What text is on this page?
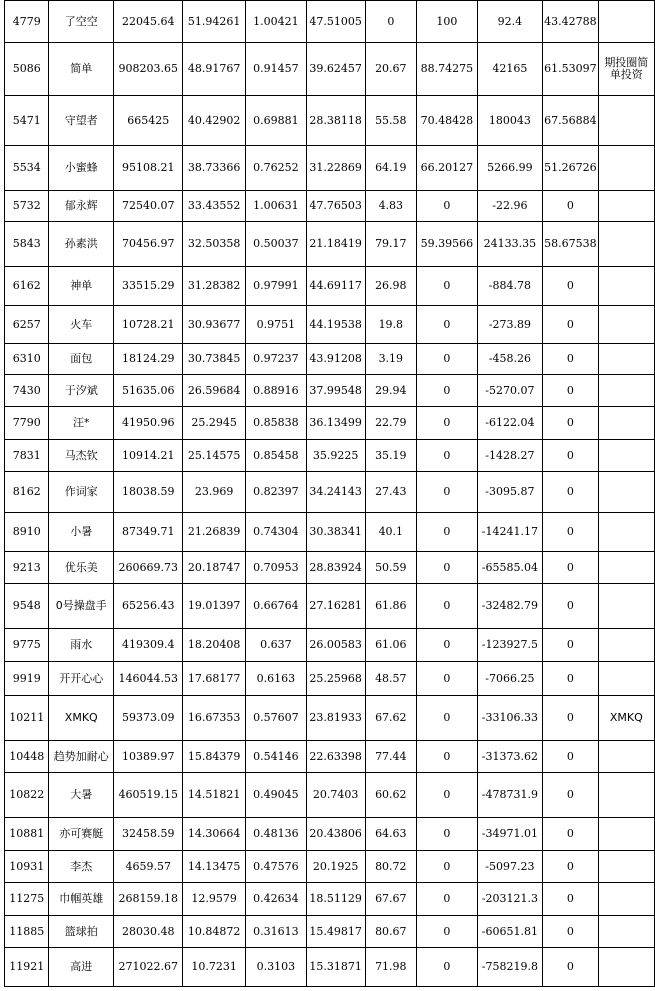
4779	了空空	22045.64	51.94261	1.00421	47.51005	0	100	92.4	43.42788	
5086	简单	908203.65	48.91767	0.91457	39.62457	20.67	88.74275	42165	61.53097	期投圈简单投资
5471	守望者	665425	40.42902	0.69881	28.38118	55.58	70.48428	180043	67.56884	
5534	小蜜蜂	95108.21	38.73366	0.76252	31.22869	64.19	66.20127	5266.99	51.26726	
5732	郁永辉	72540.07	33.43552	1.00631	47.76503	4.83	0	-22.96	0	
5843	孙素洪	70456.97	32.50358	0.50037	21.18419	79.17	59.39566	24133.35	58.67538	
6162	神单	33515.29	31.28382	0.97991	44.69117	26.98	0	-884.78	0	
6257	火车	10728.21	30.93677	0.9751	44.19538	19.8	0	-273.89	0	
6310	面包	18124.29	30.73845	0.97237	43.91208	3.19	0	-458.26	0	
7430	于汐斌	51635.06	26.59684	0.88916	37.99548	29.94	0	-5270.07	0	
7790	汪*	41950.96	25.2945	0.85838	36.13499	22.79	0	-6122.04	0	
7831	马杰钦	10914.21	25.14575	0.85458	35.9225	35.19	0	-1428.27	0	
8162	作词家	18038.59	23.969	0.82397	34.24143	27.43	0	-3095.87	0	
8910	小暑	87349.71	21.26839	0.74304	30.38341	40.1	0	-14241.17	0	
9213	优乐美	260669.73	20.18747	0.70953	28.83924	50.59	0	-65585.04	0	
9548	0号操盘手	65256.43	19.01397	0.66764	27.16281	61.86	0	-32482.79	0	
9775	雨水	419309.4	18.20408	0.637	26.00583	61.06	0	-123927.5	0	
9919	开开心心	146044.53	17.68177	0.6163	25.25968	48.57	0	-7066.25	0	
10211	XMKQ	59373.09	16.67353	0.57607	23.81933	67.62	0	-33106.33	0	XMKQ
10448	趋势加耐心	10389.97	15.84379	0.54146	22.63398	77.44	0	-31373.62	0	
10822	大暑	460519.15	14.51821	0.49045	20.7403	60.62	0	-478731.9	0	
10881	亦可赛艇	32458.59	14.30664	0.48136	20.43806	64.63	0	-34971.01	0	
10931	李杰	4659.57	14.13475	0.47576	20.1925	80.72	0	-5097.23	0	
11275	巾帼英雄	268159.18	12.9579	0.42634	18.51129	67.67	0	-203121.3	0	
11885	篮球拍	28030.48	10.84872	0.31613	15.49817	80.67	0	-60651.81	0	
11921	高进	271022.67	10.7231	0.3103	15.31871	71.98	0	-758219.8	0	
